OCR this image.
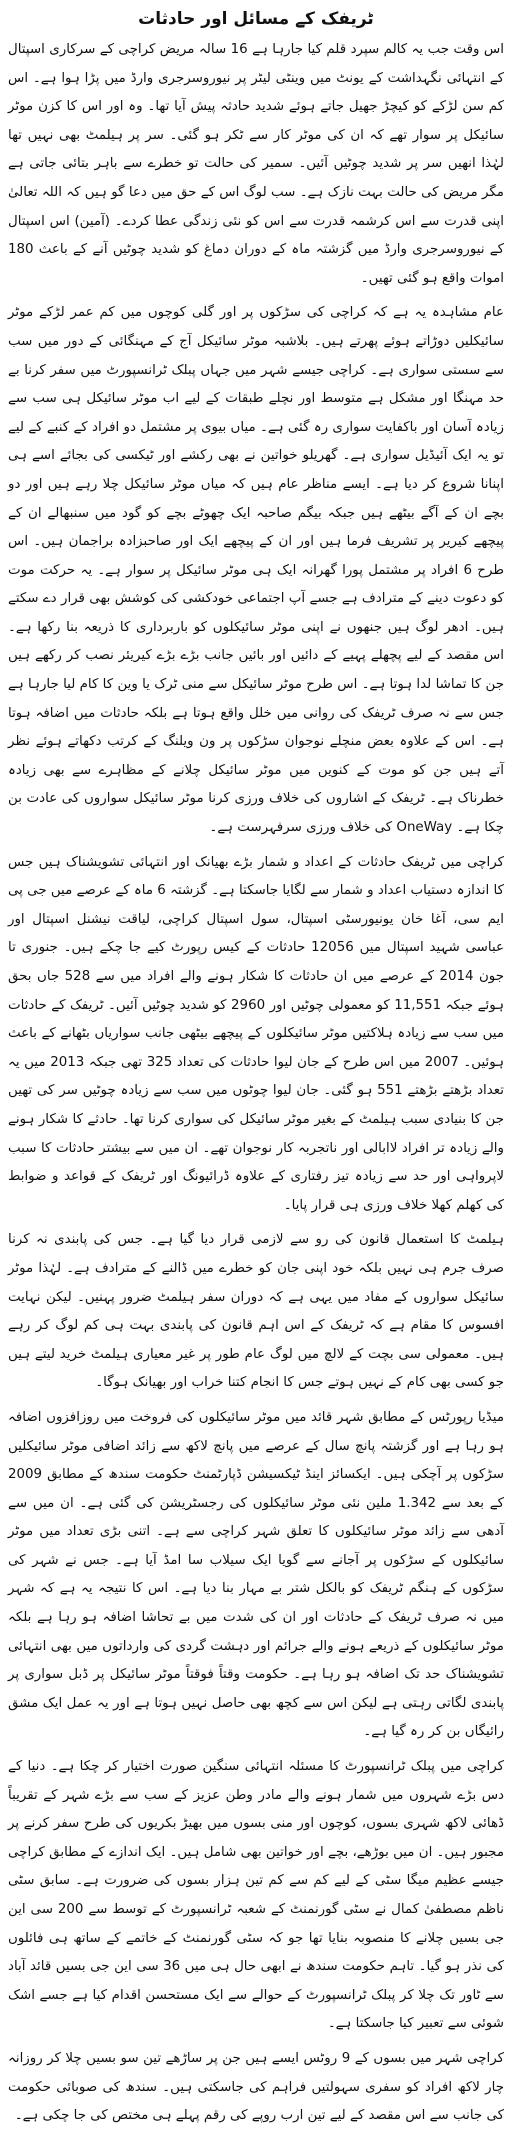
ٹریفک کے مسائل اور حادثات

اس وقت جب یہ کالم سپرد قلم کیا جارہا ہے 16 سالہ مریض کراچی کے سرکاری اسپتال کے انتہائی نگہداشت کے یونٹ میں وینٹی لیٹر پر نیوروسرجری وارڈ میں پڑا ہوا ہے۔ اس کم سن لڑکے کو کیچڑ جھیل جاتے ہوئے شدید حادثہ پیش آیا تھا۔ وہ اور اس کا کزن موٹر سائیکل پر سوار تھے کہ ان کی موٹر کار سے ٹکر ہو گئی۔ سر پر ہیلمٹ بھی نہیں تھا لہٰذا انھیں سر پر شدید چوٹیں آئیں۔ سمیر کی حالت تو خطرے سے باہر بتائی جاتی ہے مگر مریض کی حالت بہت نازک ہے۔ سب لوگ اس کے حق میں دعا گو ہیں کہ اللہ تعالیٰ اپنی قدرت سے اس کرشمہ قدرت سے اس کو نئی زندگی عطا کردے۔ (آمین) اس اسپتال کے نیوروسرجری وارڈ میں گزشتہ ماہ کے دوران دماغ کو شدید چوٹیں آنے کے باعث 180 اموات واقع ہو گئی تھیں۔

عام مشاہدہ یہ ہے کہ کراچی کی سڑکوں پر اور گلی کوچوں میں کم عمر لڑکے موٹر سائیکلیں دوڑاتے ہوئے پھرتے ہیں۔ بلاشبہ موٹر سائیکل آج کے مہنگائی کے دور میں سب سے سستی سواری ہے۔ کراچی جیسے شہر میں جہاں پبلک ٹرانسپورٹ میں سفر کرنا بے حد مہنگا اور مشکل ہے متوسط اور نچلے طبقات کے لیے اب موٹر سائیکل ہی سب سے زیادہ آسان اور باکفایت سواری رہ گئی ہے۔ میاں بیوی پر مشتمل دو افراد کے کنبے کے لیے تو یہ ایک آئیڈیل سواری ہے۔ گھریلو خواتین نے بھی رکشے اور ٹیکسی کی بجائے اسے ہی اپنانا شروع کر دیا ہے۔ ایسے مناظر عام ہیں کہ میاں موٹر سائیکل چلا رہے ہیں اور دو بچے ان کے آگے بیٹھے ہیں جبکہ بیگم صاحبہ ایک چھوٹے بچے کو گود میں سنبھالے ان کے پیچھے کیریر پر تشریف فرما ہیں اور ان کے پیچھے ایک اور صاحبزادہ براجمان ہیں۔ اس طرح 6 افراد پر مشتمل پورا گھرانہ ایک ہی موٹر سائیکل پر سوار ہے۔ یہ حرکت موت کو دعوت دینے کے مترادف ہے جسے آپ اجتماعی خودکشی کی کوشش بھی قرار دے سکتے ہیں۔ ادھر لوگ ہیں جنھوں نے اپنی موٹر سائیکلوں کو باربرداری کا ذریعہ بنا رکھا ہے۔ اس مقصد کے لیے پچھلے پہیے کے دائیں اور بائیں جانب بڑے بڑے کیریئر نصب کر رکھے ہیں جن کا تماشا لدا ہوتا ہے۔ اس طرح موٹر سائیکل سے منی ٹرک یا وین کا کام لیا جارہا ہے جس سے نہ صرف ٹریفک کی روانی میں خلل واقع ہوتا ہے بلکہ حادثات میں اضافہ ہوتا ہے۔ اس کے علاوہ بعض منچلے نوجوان سڑکوں پر ون ویلنگ کے کرتب دکھاتے ہوئے نظر آتے ہیں جن کو موت کے کنویں میں موٹر سائیکل چلانے کے مظاہرے سے بھی زیادہ خطرناک ہے۔ ٹریفک کے اشاروں کی خلاف ورزی کرنا موٹر سائیکل سواروں کی عادت بن چکا ہے۔ OneWay کی خلاف ورزی سرفہرست ہے۔

کراچی میں ٹریفک حادثات کے اعداد و شمار بڑے بھیانک اور انتہائی تشویشناک ہیں جس کا اندازہ دستیاب اعداد و شمار سے لگایا جاسکتا ہے۔ گزشتہ 6 ماہ کے عرصے میں جی پی ایم سی، آغا خان یونیورسٹی اسپتال، سول اسپتال کراچی، لیاقت نیشنل اسپتال اور عباسی شہید اسپتال میں 12056 حادثات کے کیس رپورٹ کیے جا چکے ہیں۔ جنوری تا جون 2014 کے عرصے میں ان حادثات کا شکار ہونے والے افراد میں سے 528 جاں بحق ہوئے جبکہ 11,551 کو معمولی چوٹیں اور 2960 کو شدید چوٹیں آئیں۔ ٹریفک کے حادثات میں سب سے زیادہ ہلاکتیں موٹر سائیکلوں کے پیچھے بیٹھی جانب سواریاں بٹھانے کے باعث ہوئیں۔ 2007 میں اس طرح کے جان لیوا حادثات کی تعداد 325 تھی جبکہ 2013 میں یہ تعداد بڑھتے بڑھتے 551 ہو گئی۔ جان لیوا چوٹوں میں سب سے زیادہ چوٹیں سر کی تھیں جن کا بنیادی سبب ہیلمٹ کے بغیر موٹر سائیکل کی سواری کرنا تھا۔ حادثے کا شکار ہونے والے زیادہ تر افراد لاابالی اور ناتجربہ کار نوجوان تھے۔ ان میں سے بیشتر حادثات کا سبب لاپرواہی اور حد سے زیادہ تیز رفتاری کے علاوہ ڈرائیونگ اور ٹریفک کے قواعد و ضوابط کی کھلم کھلا خلاف ورزی ہی قرار پایا۔

ہیلمٹ کا استعمال قانون کی رو سے لازمی قرار دیا گیا ہے۔ جس کی پابندی نہ کرنا صرف جرم ہی نہیں بلکہ خود اپنی جان کو خطرے میں ڈالنے کے مترادف ہے۔ لہٰذا موٹر سائیکل سواروں کے مفاد میں یہی ہے کہ دوران سفر ہیلمٹ ضرور پہنیں۔ لیکن نہایت افسوس کا مقام ہے کہ ٹریفک کے اس اہم قانون کی پابندی بہت ہی کم لوگ کر رہے ہیں۔ معمولی سی بچت کے لالچ میں لوگ عام طور پر غیر معیاری ہیلمٹ خرید لیتے ہیں جو کسی بھی کام کے نہیں ہوتے جس کا انجام کتنا خراب اور بھیانک ہوگا۔

میڈیا رپورٹس کے مطابق شہر قائد میں موٹر سائیکلوں کی فروخت میں روزافزوں اضافہ ہو رہا ہے اور گزشتہ پانچ سال کے عرصے میں پانچ لاکھ سے زائد اضافی موٹر سائیکلیں سڑکوں پر آچکی ہیں۔ ایکسائز اینڈ ٹیکسیشن ڈپارٹمنٹ حکومت سندھ کے مطابق 2009 کے بعد سے 1.342 ملین نئی موٹر سائیکلوں کی رجسٹریشن کی گئی ہے۔ ان میں سے آدھی سے زائد موٹر سائیکلوں کا تعلق شہر کراچی سے ہے۔ اتنی بڑی تعداد میں موٹر سائیکلوں کے سڑکوں پر آجانے سے گویا ایک سیلاب سا امڈ آیا ہے۔ جس نے شہر کی سڑکوں کے ہنگم ٹریفک کو بالکل شتر بے مہار بنا دیا ہے۔ اس کا نتیجہ یہ ہے کہ شہر میں نہ صرف ٹریفک کے حادثات اور ان کی شدت میں بے تحاشا اضافہ ہو رہا ہے بلکہ موٹر سائیکلوں کے ذریعے ہونے والے جرائم اور دہشت گردی کی وارداتوں میں بھی انتہائی تشویشناک حد تک اضافہ ہو رہا ہے۔ حکومت وقتاً فوقتاً موٹر سائیکل پر ڈبل سواری پر پابندی لگاتی رہتی ہے لیکن اس سے کچھ بھی حاصل نہیں ہوتا ہے اور یہ عمل ایک مشق رائیگاں بن کر رہ گیا ہے۔

کراچی میں پبلک ٹرانسپورٹ کا مسئلہ انتہائی سنگین صورت اختیار کر چکا ہے۔ دنیا کے دس بڑے شہروں میں شمار ہونے والے مادر وطن عزیز کے سب سے بڑے شہر کے تقریباً ڈھائی لاکھ شہری بسوں، کوچوں اور منی بسوں میں بھیڑ بکریوں کی طرح سفر کرنے پر مجبور ہیں۔ ان میں بوڑھے، بچے اور خواتین بھی شامل ہیں۔ ایک اندازے کے مطابق کراچی جیسے عظیم میگا سٹی کے لیے کم سے کم تین ہزار بسوں کی ضرورت ہے۔ سابق سٹی ناظم مصطفیٰ کمال نے سٹی گورنمنٹ کے شعبہ ٹرانسپورٹ کے توسط سے 200 سی این جی بسیں چلانے کا منصوبہ بنایا تھا جو کہ سٹی گورنمنٹ کے خاتمے کے ساتھ ہی فائلوں کی نذر ہو گیا۔ تاہم حکومت سندھ نے ابھی حال ہی میں 36 سی این جی بسیں قائد آباد سے ٹاور تک چلا کر پبلک ٹرانسپورٹ کے حوالے سے ایک مستحسن اقدام کیا ہے جسے اشک شوئی سے تعبیر کیا جاسکتا ہے۔

کراچی شہر میں بسوں کے 9 روٹس ایسے ہیں جن پر ساڑھے تین سو بسیں چلا کر روزانہ چار لاکھ افراد کو سفری سہولتیں فراہم کی جاسکتی ہیں۔ سندھ کی صوبائی حکومت کی جانب سے اس مقصد کے لیے تین ارب روپے کی رقم پہلے ہی مختص کی جا چکی ہے۔
